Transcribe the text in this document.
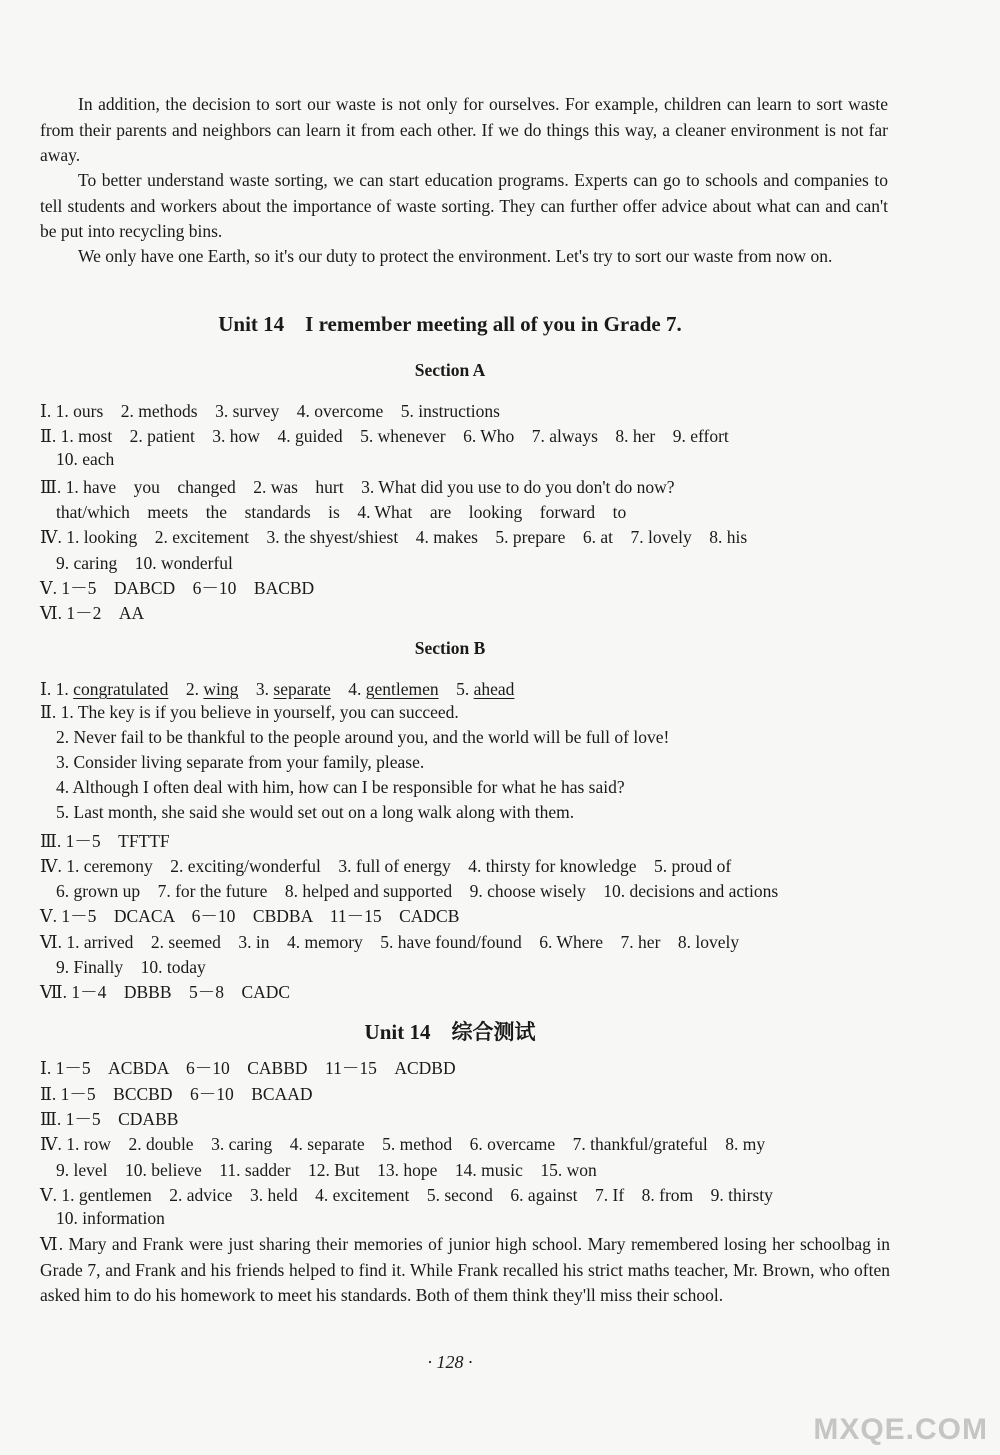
In addition, the decision to sort our waste is not only for ourselves. For example, children can learn to sort waste from their parents and neighbors can learn it from each other. If we do things this way, a cleaner environment is not far away.

To better understand waste sorting, we can start education programs. Experts can go to schools and companies to tell students and workers about the importance of waste sorting. They can further offer advice about what can and can't be put into recycling bins.

We only have one Earth, so it's our duty to protect the environment. Let's try to sort our waste from now on.

Unit 14　I remember meeting all of you in Grade 7.
Section A

Ⅰ. 1. ours　2. methods　3. survey　4. overcome　5. instructions

Ⅱ. 1. most　2. patient　3. how　4. guided　5. whenever　6. Who　7. always　8. her　9. effort

10. each

Ⅲ. 1. have　you　changed　2. was　hurt　3. What did you use to do you don't do now?

that/which　meets　the　standards　is　4. What　are　looking　forward　to

Ⅳ. 1. looking　2. excitement　3. the shyest/shiest　4. makes　5. prepare　6. at　7. lovely　8. his

9. caring　10. wonderful

Ⅴ. 1－5　DABCD　6－10　BACBD

Ⅵ. 1－2　AA

Section B

Ⅰ. 1. congratulated　2. wing　3. separate　4. gentlemen　5. ahead

Ⅱ. 1. The key is if you believe in yourself, you can succeed.

2. Never fail to be thankful to the people around you, and the world will be full of love!

3. Consider living separate from your family, please.

4. Although I often deal with him, how can I be responsible for what he has said?

5. Last month, she said she would set out on a long walk along with them.

Ⅲ. 1－5　TFTTF

Ⅳ. 1. ceremony　2. exciting/wonderful　3. full of energy　4. thirsty for knowledge　5. proud of

6. grown up　7. for the future　8. helped and supported　9. choose wisely　10. decisions and actions

Ⅴ. 1－5　DCACA　6－10　CBDBA　11－15　CADCB

Ⅵ. 1. arrived　2. seemed　3. in　4. memory　5. have found/found　6. Where　7. her　8. lovely

9. Finally　10. today

Ⅶ. 1－4　DBBB　5－8　CADC

Unit 14　综合测试

Ⅰ. 1－5　ACBDA　6－10　CABBD　11－15　ACDBD

Ⅱ. 1－5　BCCBD　6－10　BCAAD

Ⅲ. 1－5　CDABB

Ⅳ. 1. row　2. double　3. caring　4. separate　5. method　6. overcame　7. thankful/grateful　8. my

9. level　10. believe　11. sadder　12. But　13. hope　14. music　15. won

Ⅴ. 1. gentlemen　2. advice　3. held　4. excitement　5. second　6. against　7. If　8. from　9. thirsty

10. information

Ⅵ. Mary and Frank were just sharing their memories of junior high school. Mary remembered losing her schoolbag in Grade 7, and Frank and his friends helped to find it. While Frank recalled his strict maths teacher, Mr. Brown, who often asked him to do his homework to meet his standards. Both of them think they'll miss their school.

· 128 ·
MXQE.COM
